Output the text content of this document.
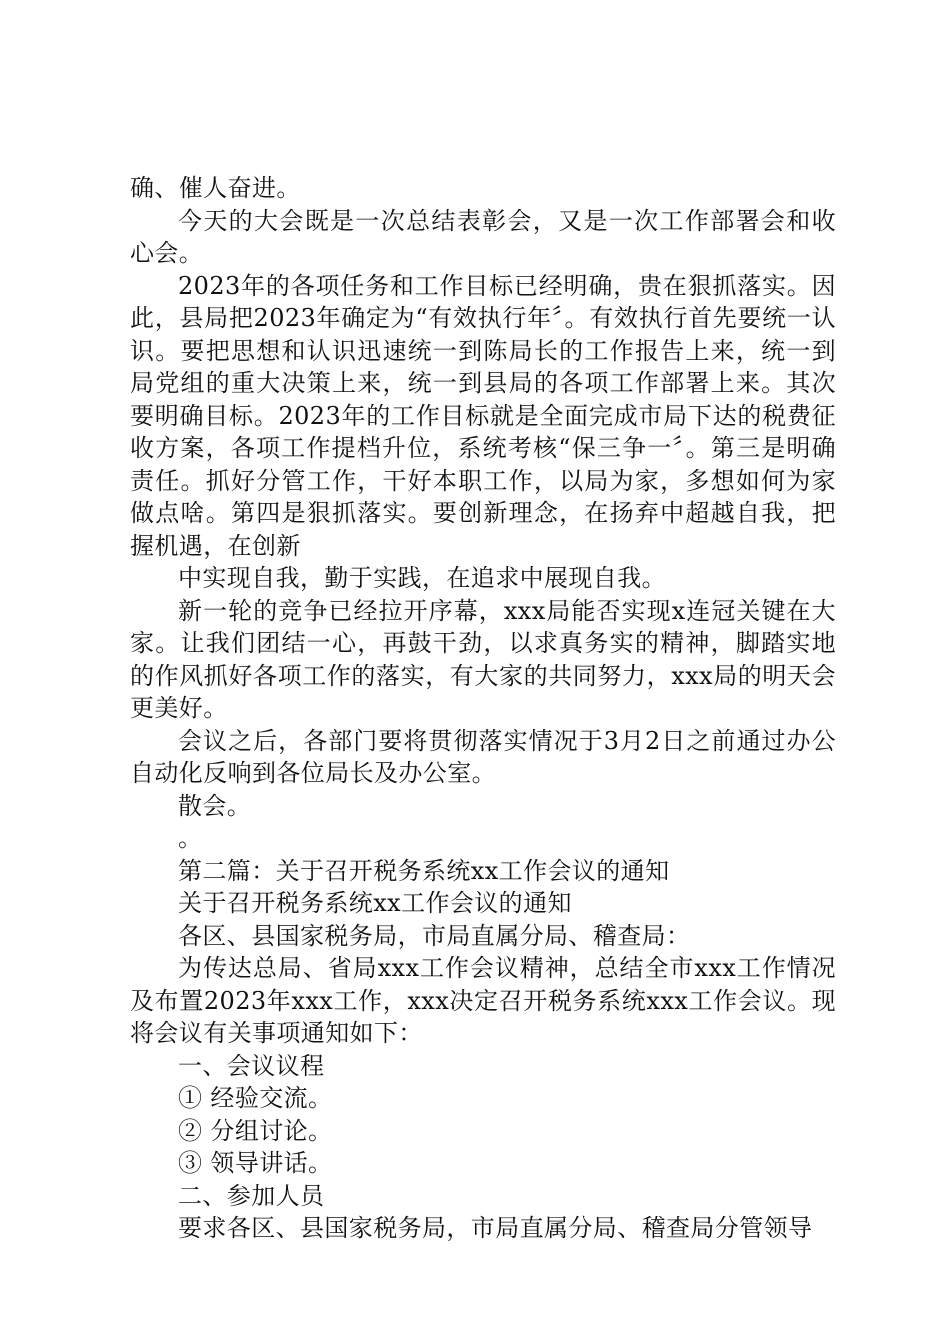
确、催人奋进。

今天的大会既是一次总结表彰会，又是一次工作部署会和收心会。

2023年的各项任务和工作目标已经明确，贵在狠抓落实。因此，县局把2023年确定为“有效执行年〞。有效执行首先要统一认识。要把思想和认识迅速统一到陈局长的工作报告上来，统一到局党组的重大决策上来，统一到县局的各项工作部署上来。其次要明确目标。2023年的工作目标就是全面完成市局下达的税费征收方案，各项工作提档升位，系统考核“保三争一〞。第三是明确责任。抓好分管工作，干好本职工作，以局为家，多想如何为家做点啥。第四是狠抓落实。要创新理念，在扬弃中超越自我，把握机遇，在创新

中实现自我，勤于实践，在追求中展现自我。

新一轮的竞争已经拉开序幕，xxx局能否实现x连冠关键在大家。让我们团结一心，再鼓干劲，以求真务实的精神，脚踏实地的作风抓好各项工作的落实，有大家的共同努力，xxx局的明天会更美好。

会议之后，各部门要将贯彻落实情况于3月2日之前通过办公自动化反响到各位局长及办公室。

散会。

。

第二篇：关于召开税务系统xx工作会议的通知

关于召开税务系统xx工作会议的通知

各区、县国家税务局，市局直属分局、稽查局：

为传达总局、省局xxx工作会议精神，总结全市xxx工作情况及布置2023年xxx工作，xxx决定召开税务系统xxx工作会议。现将会议有关事项通知如下：

一、会议议程

① 经验交流。

② 分组讨论。

③ 领导讲话。

二、参加人员

要求各区、县国家税务局，市局直属分局、稽查局分管领导
